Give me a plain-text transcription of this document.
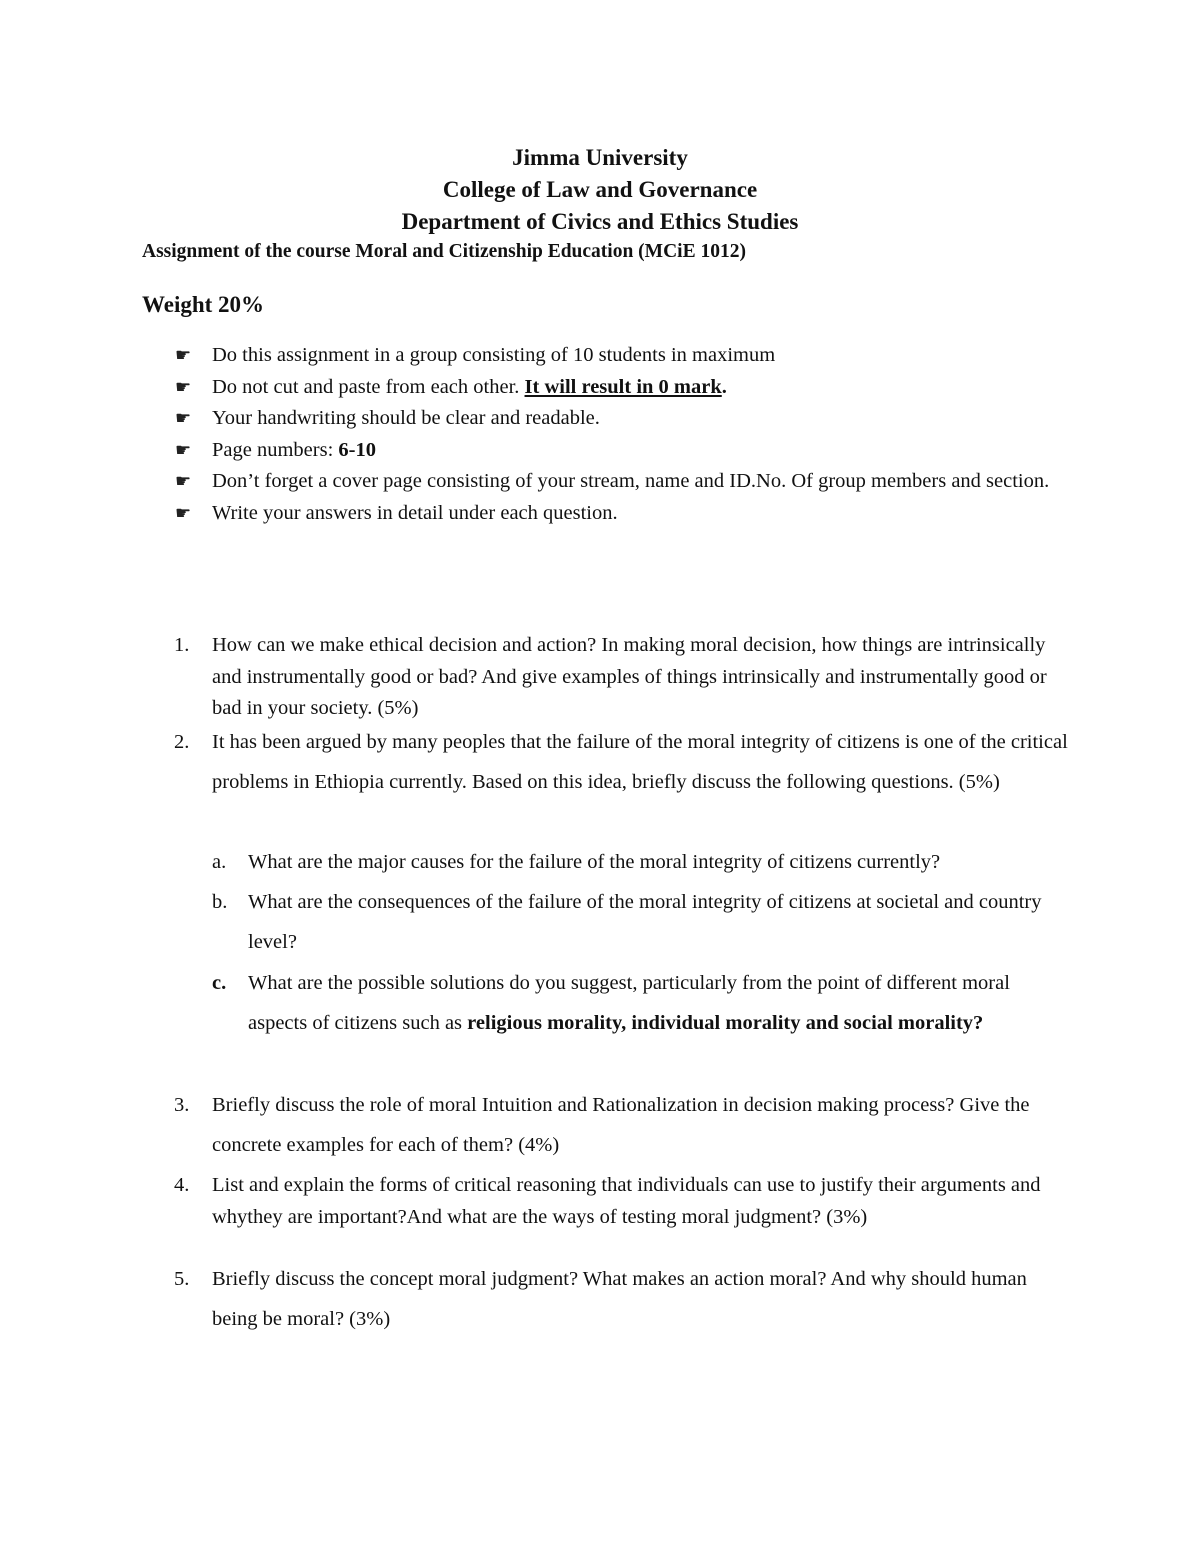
Jimma University
College of Law and Governance
Department of Civics and Ethics Studies
Assignment of the course Moral and Citizenship Education (MCiE 1012)
Weight 20%
☛ Do this assignment in a group consisting of 10 students in maximum
☛ Do not cut and paste from each other. It will result in 0 mark.
☛ Your handwriting should be clear and readable.
☛ Page numbers: 6-10
☛ Don’t forget a cover page consisting of your stream, name and ID.No. Of group members and section.
☛ Write your answers in detail under each question.
1. How can we make ethical decision and action? In making moral decision, how things are intrinsically and instrumentally good or bad? And give examples of things intrinsically and instrumentally good or bad in your society. (5%)
2. It has been argued by many peoples that the failure of the moral integrity of citizens is one of the critical problems in Ethiopia currently. Based on this idea, briefly discuss the following questions. (5%)
a. What are the major causes for the failure of the moral integrity of citizens currently?
b. What are the consequences of the failure of the moral integrity of citizens at societal and country level?
c. What are the possible solutions do you suggest, particularly from the point of different moral aspects of citizens such as religious morality, individual morality and social morality?
3. Briefly discuss the role of moral Intuition and Rationalization in decision making process? Give the concrete examples for each of them? (4%)
4. List and explain the forms of critical reasoning that individuals can use to justify their arguments and whythey are important?And what are the ways of testing moral judgment? (3%)
5. Briefly discuss the concept moral judgment? What makes an action moral? And why should human being be moral? (3%)
